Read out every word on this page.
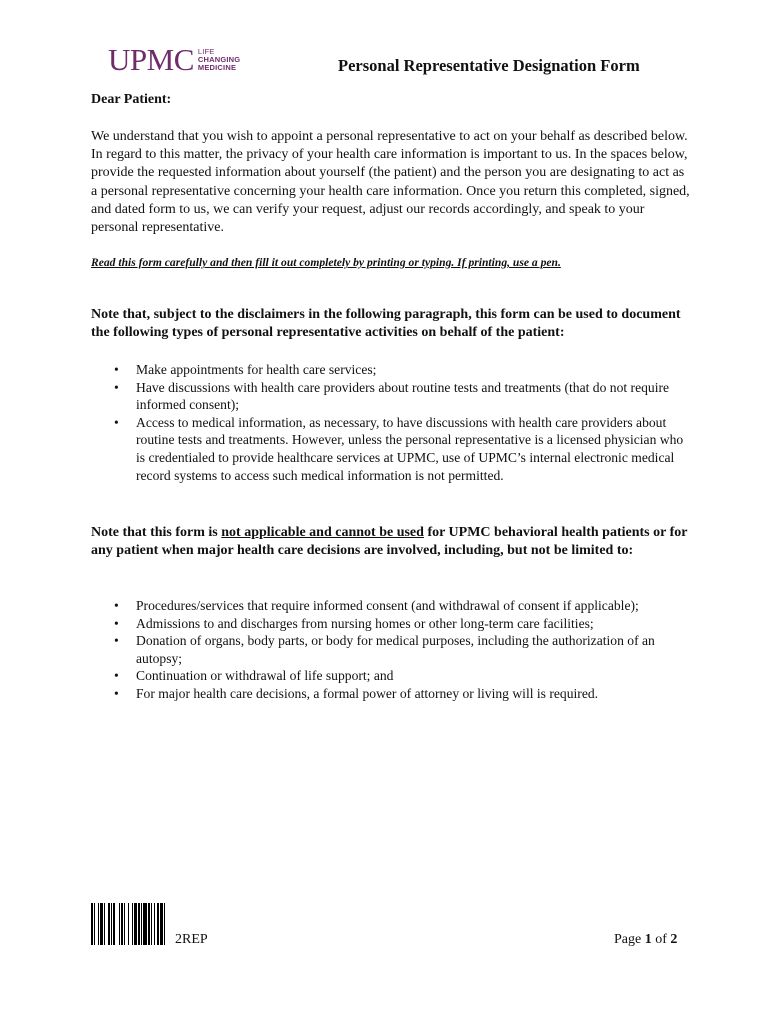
UPMC LIFE
CHANGING
MEDICINE	Personal Representative Designation Form
Dear Patient:

We understand that you wish to appoint a personal representative to act on your behalf as described below. In regard to this matter, the privacy of your health care information is important to us. In the spaces below, provide the requested information about yourself (the patient) and the person you are designating to act as a personal representative concerning your health care information. Once you return this completed, signed, and dated form to us, we can verify your request, adjust our records accordingly, and speak to your personal representative.

Read this form carefully and then fill it out completely by printing or typing. If printing, use a pen.

Note that, subject to the disclaimers in the following paragraph, this form can be used to document the following types of personal representative activities on behalf of the patient:

• Make appointments for health care services;
• Have discussions with health care providers about routine tests and treatments (that do not require informed consent);
• Access to medical information, as necessary, to have discussions with health care providers about routine tests and treatments. However, unless the personal representative is a licensed physician who is credentialed to provide healthcare services at UPMC, use of UPMC’s internal electronic medical record systems to access such medical information is not permitted.

Note that this form is not applicable and cannot be used for UPMC behavioral health patients or for any patient when major health care decisions are involved, including, but not be limited to:

• Procedures/services that require informed consent (and withdrawal of consent if applicable);
• Admissions to and discharges from nursing homes or other long-term care facilities;
• Donation of organs, body parts, or body for medical purposes, including the authorization of an autopsy;
• Continuation or withdrawal of life support; and
• For major health care decisions, a formal power of attorney or living will is required.
2REP	Page 1 of 2
